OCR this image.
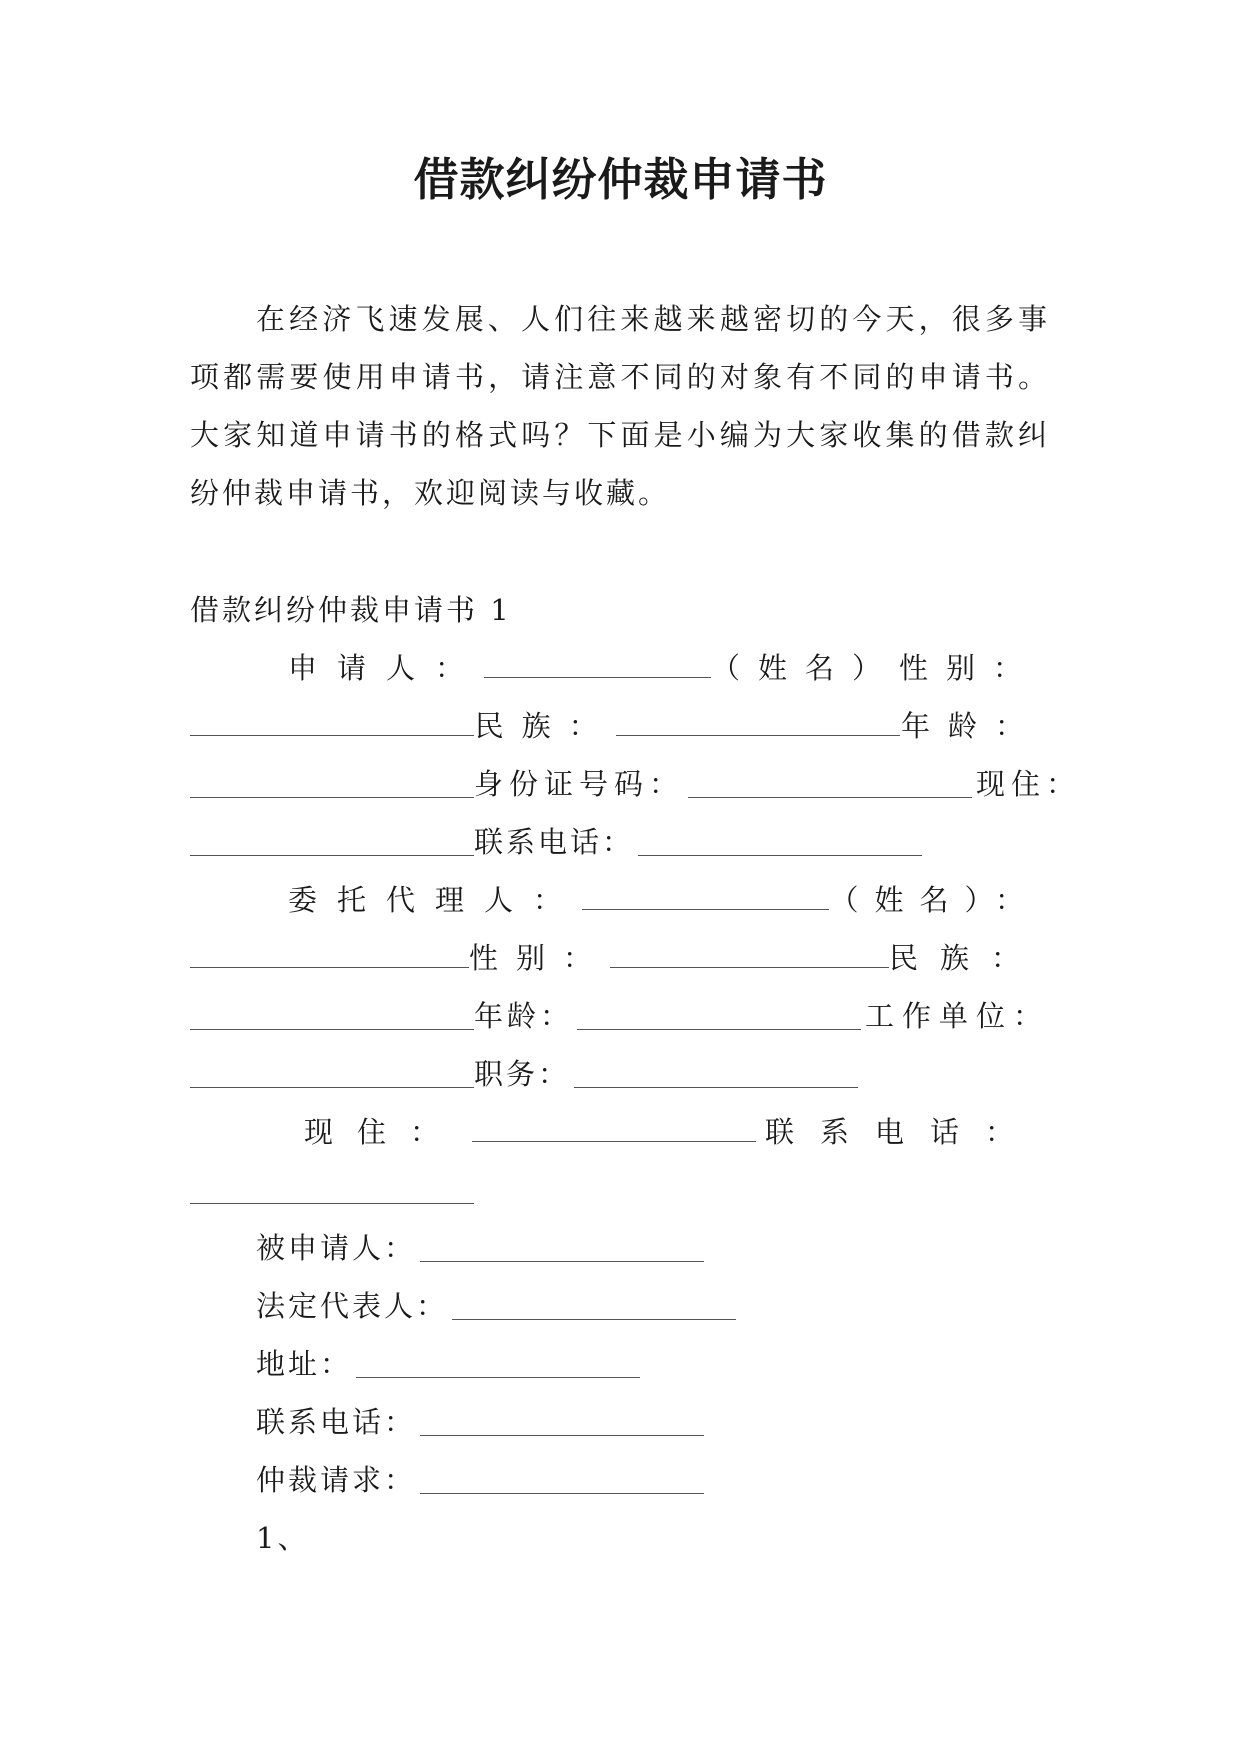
借款纠纷仲裁申请书
在经济飞速发展、人们往来越来越密切的今天，很多事项都需要使用申请书，请注意不同的对象有不同的申请书。大家知道申请书的格式吗？下面是小编为大家收集的借款纠纷仲裁申请书，欢迎阅读与收藏。
借款纠纷仲裁申请书 1
申请人：	（姓名） 性别：
民族：	年龄：
身份证号码：	现住：
联系电话：
委托代理人：	（姓名）：
性别：	民族：
年龄：	工作单位：
职务：
现住：	联系电话：
被申请人：
法定代表人：
地址：
联系电话：
仲裁请求：
1、
